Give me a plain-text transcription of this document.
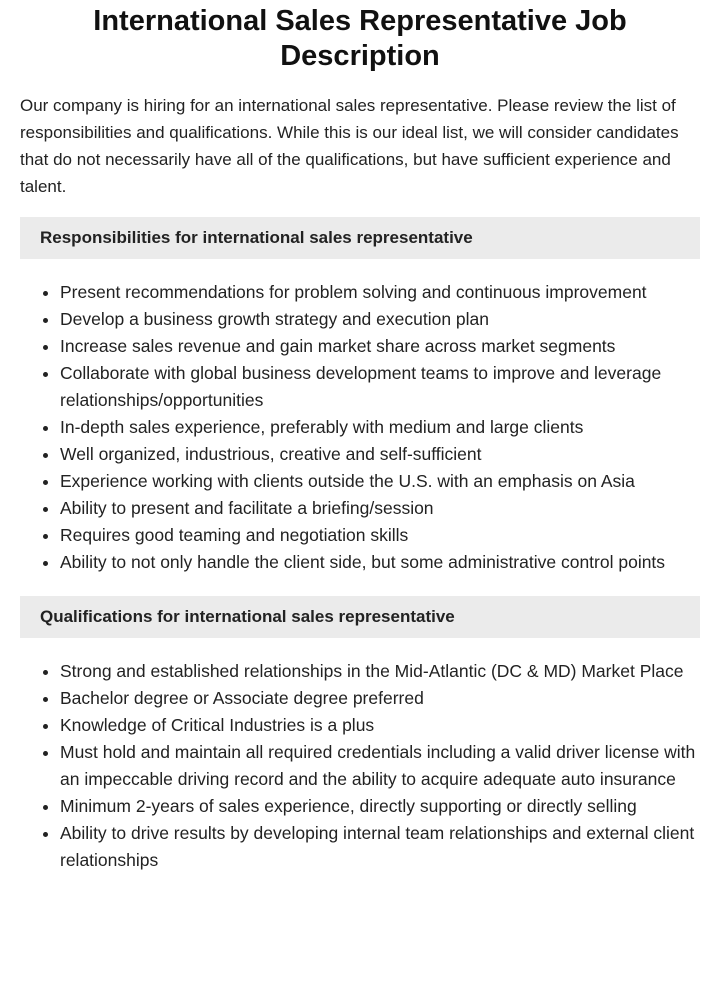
International Sales Representative Job Description

Our company is hiring for an international sales representative. Please review the list of responsibilities and qualifications. While this is our ideal list, we will consider candidates that do not necessarily have all of the qualifications, but have sufficient experience and talent.

Responsibilities for international sales representative
• Present recommendations for problem solving and continuous improvement
• Develop a business growth strategy and execution plan
• Increase sales revenue and gain market share across market segments
• Collaborate with global business development teams to improve and leverage relationships/opportunities
• In-depth sales experience, preferably with medium and large clients
• Well organized, industrious, creative and self-sufficient
• Experience working with clients outside the U.S. with an emphasis on Asia
• Ability to present and facilitate a briefing/session
• Requires good teaming and negotiation skills
• Ability to not only handle the client side, but some administrative control points
Qualifications for international sales representative
• Strong and established relationships in the Mid-Atlantic (DC & MD) Market Place
• Bachelor degree or Associate degree preferred
• Knowledge of Critical Industries is a plus
• Must hold and maintain all required credentials including a valid driver license with an impeccable driving record and the ability to acquire adequate auto insurance
• Minimum 2-years of sales experience, directly supporting or directly selling
• Ability to drive results by developing internal team relationships and external client relationships
